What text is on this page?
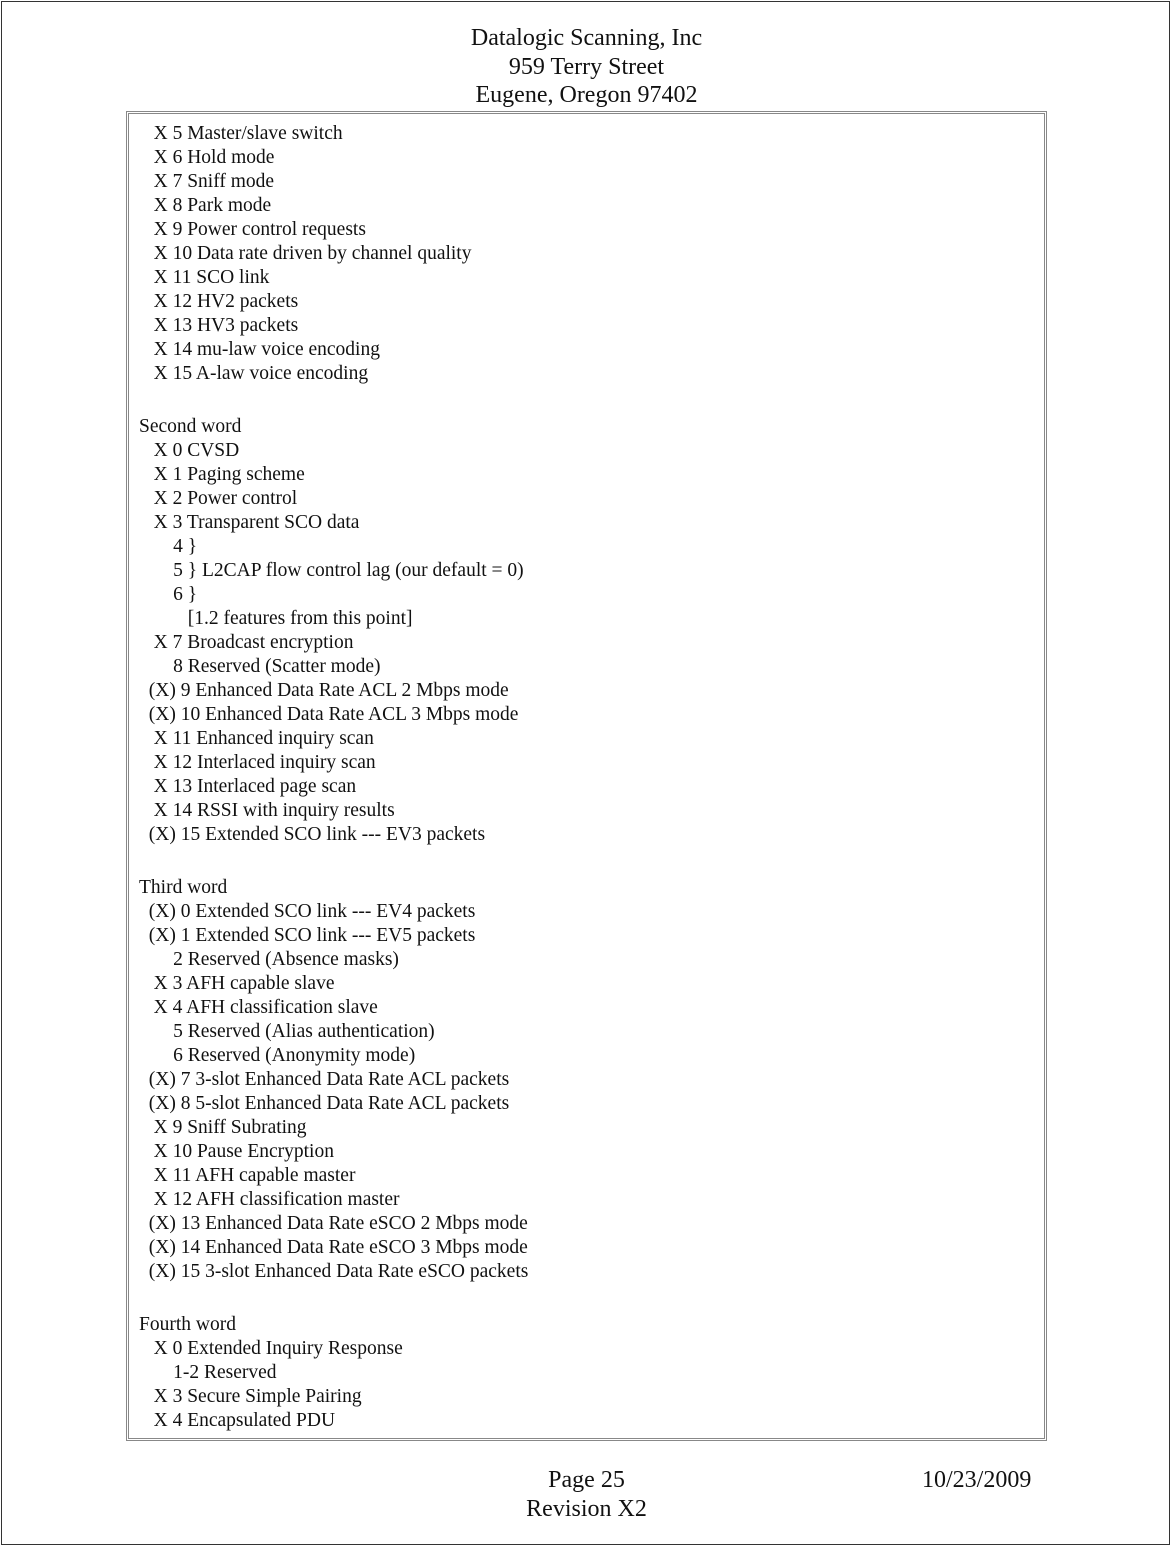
Datalogic Scanning, Inc
959 Terry Street
Eugene, Oregon 97402
X 5 Master/slave switch
X 6 Hold mode
X 7 Sniff mode
X 8 Park mode
X 9 Power control requests
X 10 Data rate driven by channel quality
X 11 SCO link
X 12 HV2 packets
X 13 HV3 packets
X 14 mu-law voice encoding
X 15 A-law voice encoding
Second word
X 0 CVSD
X 1 Paging scheme
X 2 Power control
X 3 Transparent SCO data
4 }
5 } L2CAP flow control lag (our default = 0)
6 }
[1.2 features from this point]
X 7 Broadcast encryption
8 Reserved (Scatter mode)
(X) 9 Enhanced Data Rate ACL 2 Mbps mode
(X) 10 Enhanced Data Rate ACL 3 Mbps mode
X 11 Enhanced inquiry scan
X 12 Interlaced inquiry scan
X 13 Interlaced page scan
X 14 RSSI with inquiry results
(X) 15 Extended SCO link --- EV3 packets
Third word
(X) 0 Extended SCO link --- EV4 packets
(X) 1 Extended SCO link --- EV5 packets
2 Reserved (Absence masks)
X 3 AFH capable slave
X 4 AFH classification slave
5 Reserved (Alias authentication)
6 Reserved (Anonymity mode)
(X) 7 3-slot Enhanced Data Rate ACL packets
(X) 8 5-slot Enhanced Data Rate ACL packets
X 9 Sniff Subrating
X 10 Pause Encryption
X 11 AFH capable master
X 12 AFH classification master
(X) 13 Enhanced Data Rate eSCO 2 Mbps mode
(X) 14 Enhanced Data Rate eSCO 3 Mbps mode
(X) 15 3-slot Enhanced Data Rate eSCO packets
Fourth word
X 0 Extended Inquiry Response
1-2 Reserved
X 3 Secure Simple Pairing
X 4 Encapsulated PDU
Page 25	10/23/2009
Revision X2
